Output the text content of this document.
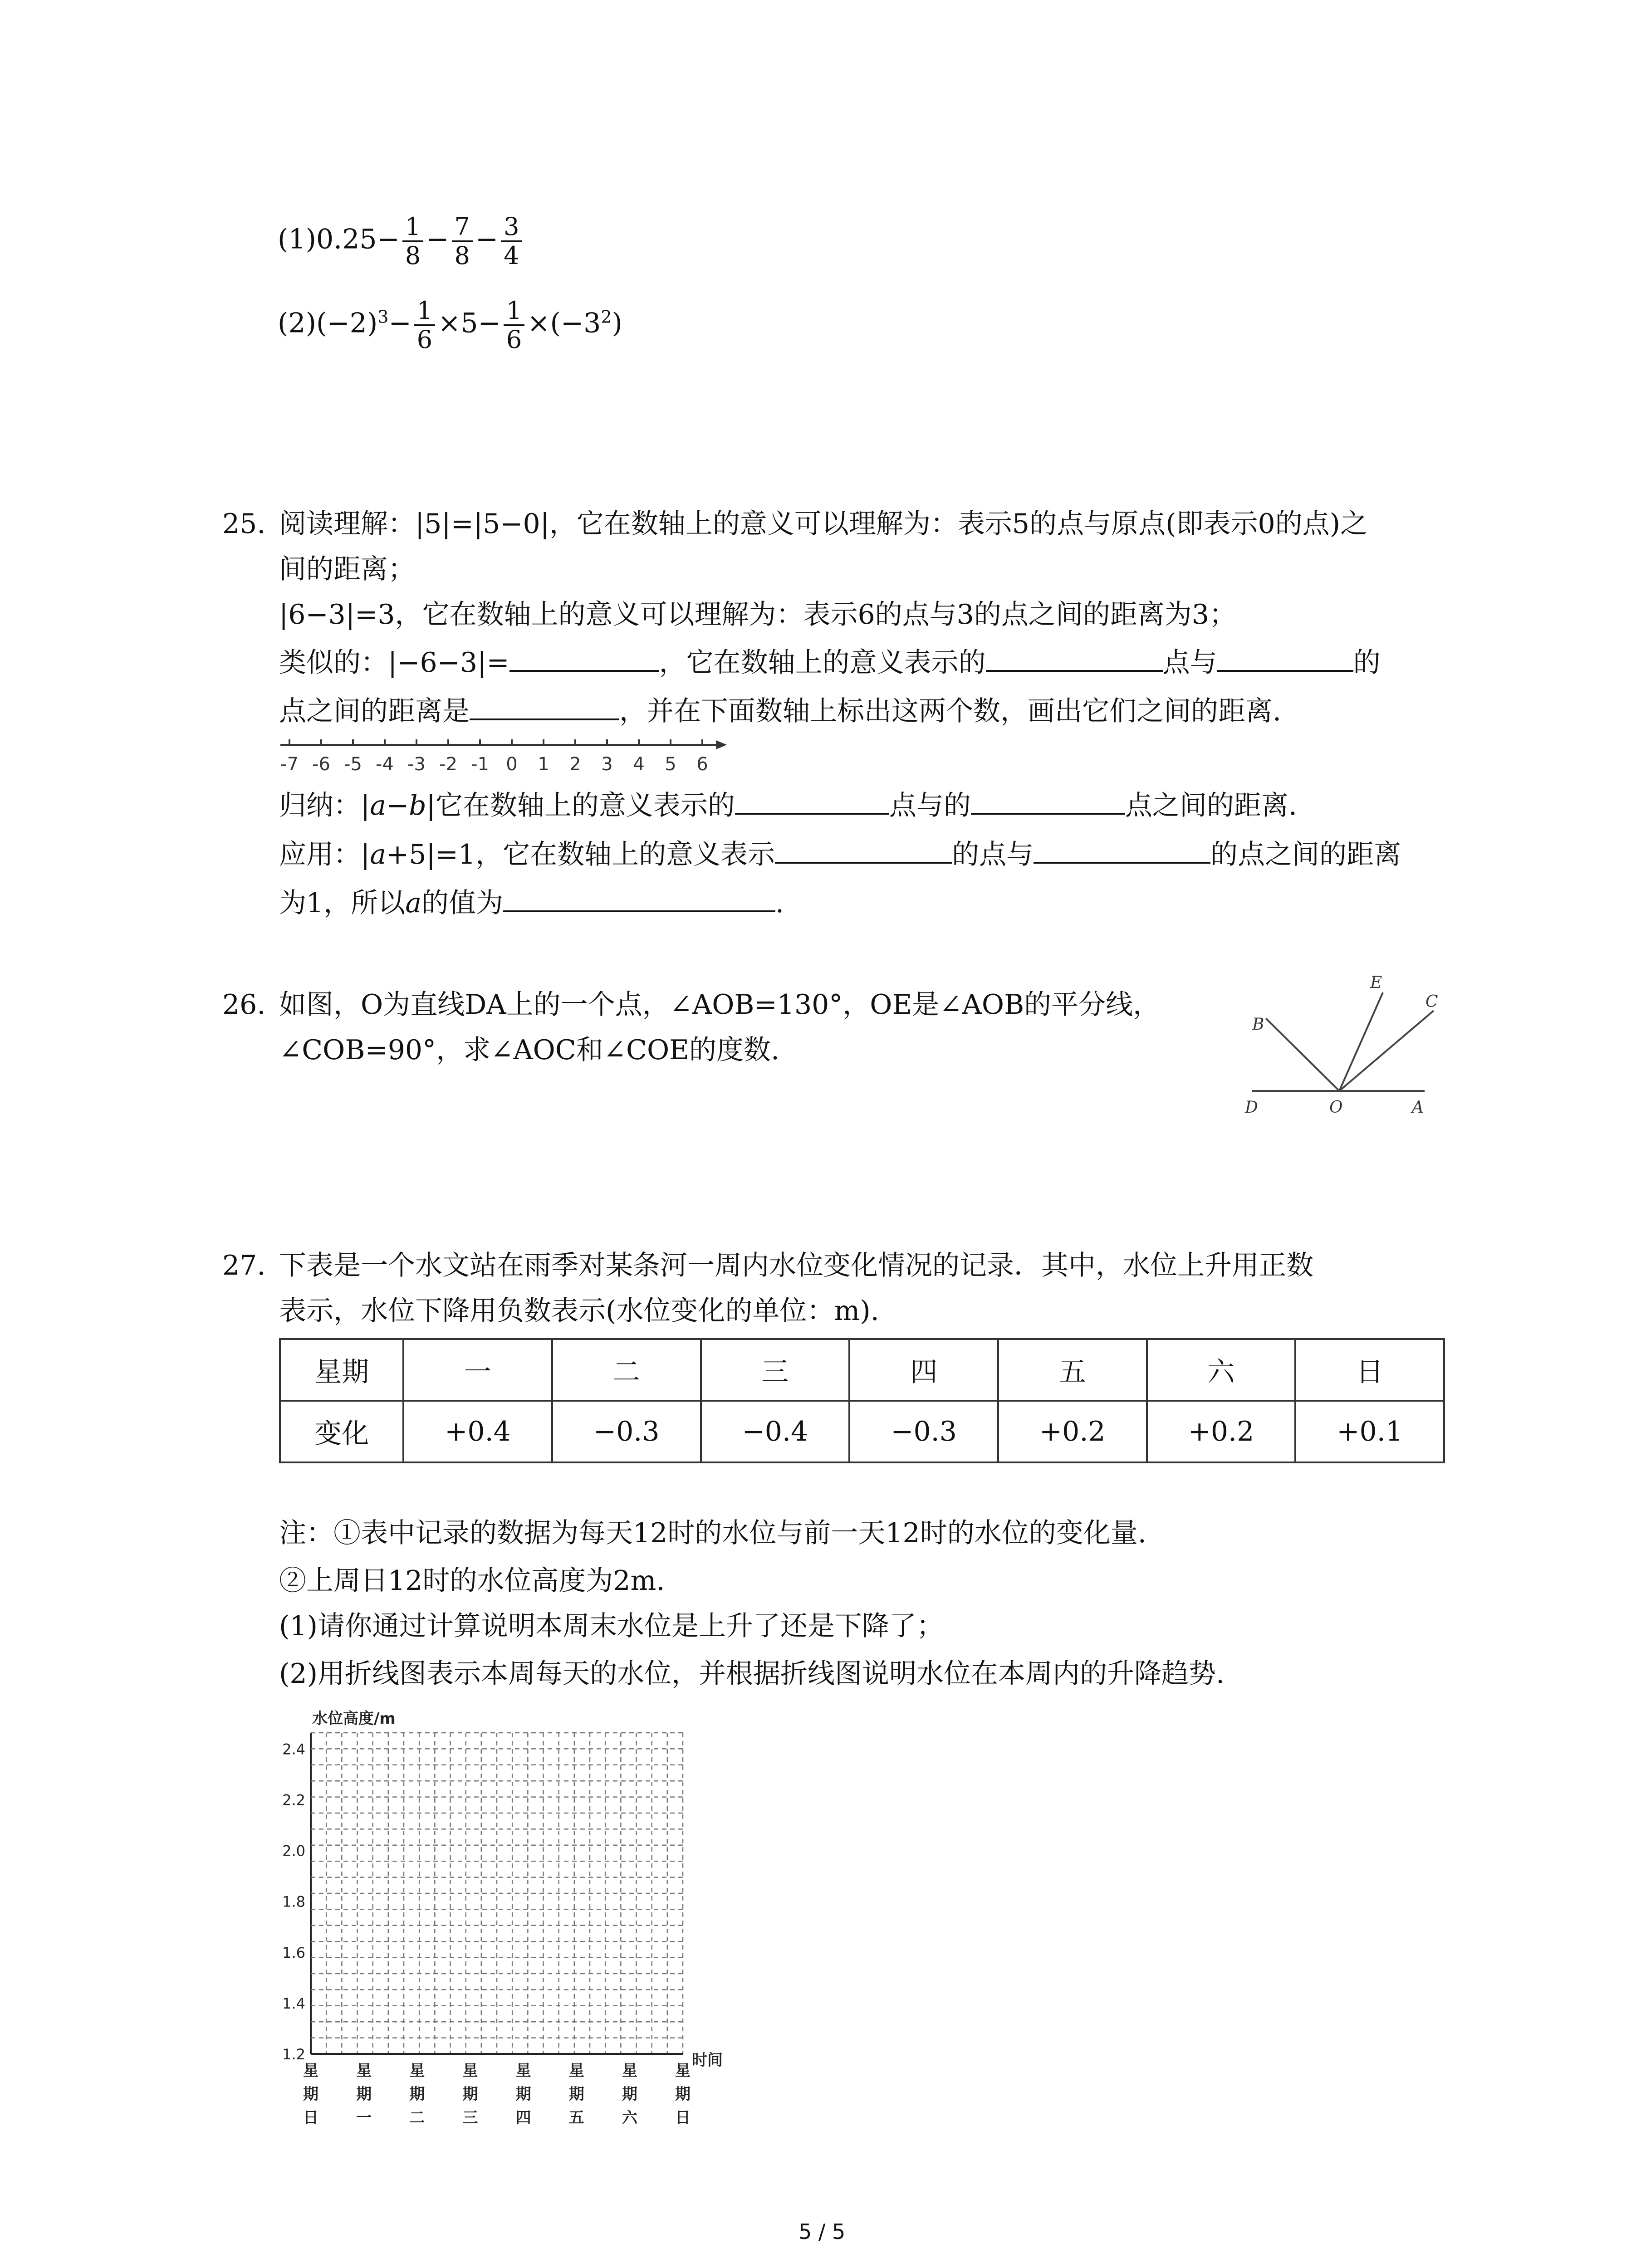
$(1)0.25- \frac{1}{8} - \frac{7}{8} - \frac{3}{4}$
$(2)(-2)^3- \frac{1}{6} \times 5- \frac{1}{6} \times(-3^2)$
25. 阅读理解：|5|=|5−0|，它在数轴上的意义可以理解为：表示5的点与原点(即表示0的点)之
间的距离；
|6−3|=3，它在数轴上的意义可以理解为：表示6的点与3的点之间的距离为3；
类似的：|−6−3|=	，它在数轴上的意义表示的	点与	的
点之间的距离是	，并在下面数轴上标出这两个数，画出它们之间的距离.
-7 -6 -5 -4 -3 -2 -1 0 1 2 3 4 5 6
归纳：|a−b|它在数轴上的意义表示的	点与的	点之间的距离.
应用：|a+5|=1，它在数轴上的意义表示	的点与	的点之间的距离
为1，所以a的值为	.
26. 如图，O为直线DA上的一个点，∠AOB=130°，OE是∠AOB的平分线，
∠COB=90°，求∠AOC和∠COE的度数.
B
E
C
D	O	A
27. 下表是一个水文站在雨季对某条河一周内水位变化情况的记录．其中，水位上升用正数
表示，水位下降用负数表示(水位变化的单位：m).
星期	一	二	三	四	五	六	日
变化	+0.4	−0.3	−0.4	−0.3	+0.2	+0.2	+0.1
注：①表中记录的数据为每天12时的水位与前一天12时的水位的变化量.
②上周日12时的水位高度为2m.
(1)请你通过计算说明本周末水位是上升了还是下降了；
(2)用折线图表示本周每天的水位，并根据折线图说明水位在本周内的升降趋势.
水位高度/m
2.4
2.2
2.0
1.8
1.6
1.4
1.2
星期日
星期一
星期二
星期三
星期四
星期五
星期六
星期日
时间
5 / 5
